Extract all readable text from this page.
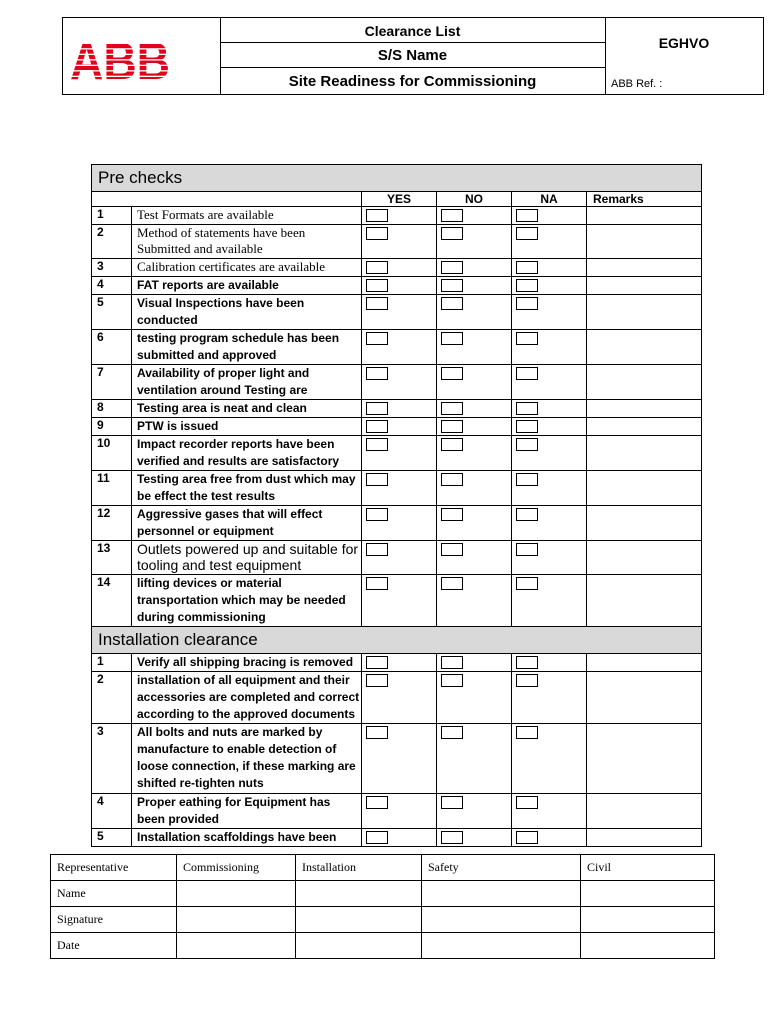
ABB
Clearance List
S/S Name
Site Readiness for Commissioning
EGHVO
ABB Ref. :
Pre checks					
		YES	NO	NA	Remarks
1	Test Formats are available	

2	Method of statements have been Submitted and available	

3	Calibration certificates are available	

4	FAT reports are available	

5	Visual Inspections have been conducted	

6	testing program schedule has been submitted and approved	

7	Availability of proper light and ventilation around Testing are	

8	Testing area is neat and clean	

9	PTW is issued	

10	Impact recorder reports have been verified and results are satisfactory	

11	Testing area free from dust which may be effect the test results	

12	Aggressive gases that will effect personnel or equipment	

13	Outlets powered up and suitable for tooling and test equipment	

14	lifting devices or material transportation which may be needed during commissioning	

Installation clearance					
1	Verify all shipping bracing is removed	

2	installation of all equipment and their accessories are completed and correct according to the approved documents	

3	All bolts and nuts are marked by manufacture to enable detection of loose connection, if these marking are shifted re-tighten nuts	

4	Proper eathing for Equipment has been provided	

5	Installation scaffoldings have been	

Representative	Commissioning	Installation	Safety	Civil
Name				
Signature				
Date				
